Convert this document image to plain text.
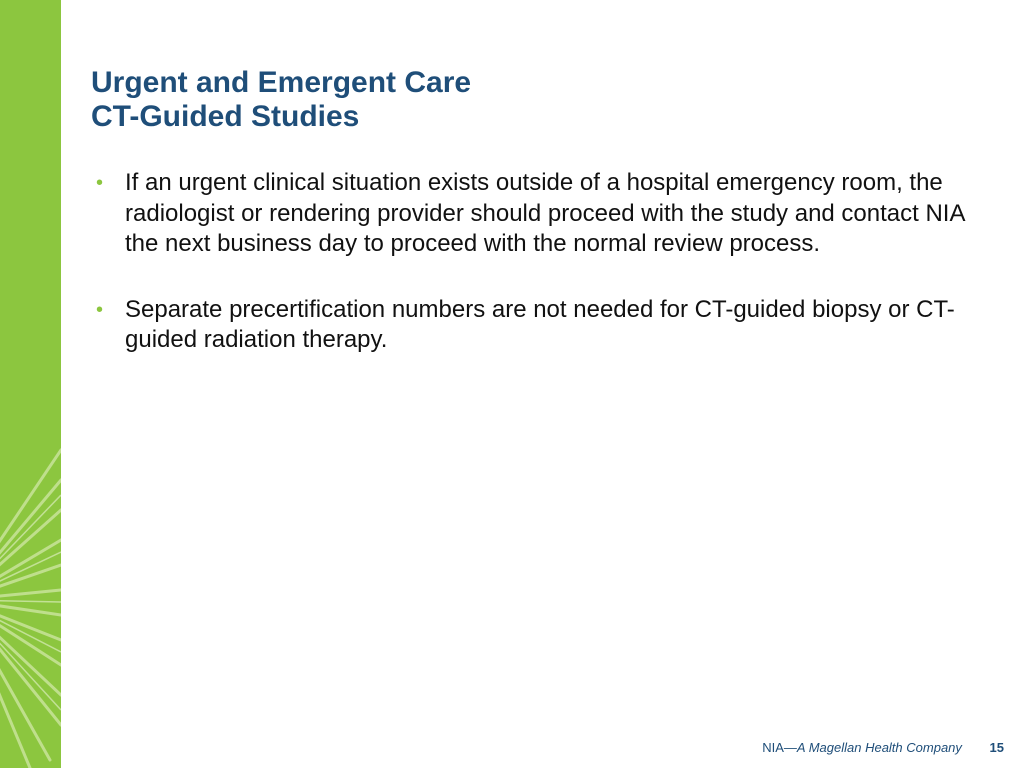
Urgent and Emergent Care
CT-Guided Studies
• If an urgent clinical situation exists outside of a hospital emergency room, the radiologist or rendering provider should proceed with the study and contact NIA the next business day to proceed with the normal review process.
• Separate precertification numbers are not needed for CT-guided biopsy or CT-guided radiation therapy.
NIA—A Magellan Health Company 15
